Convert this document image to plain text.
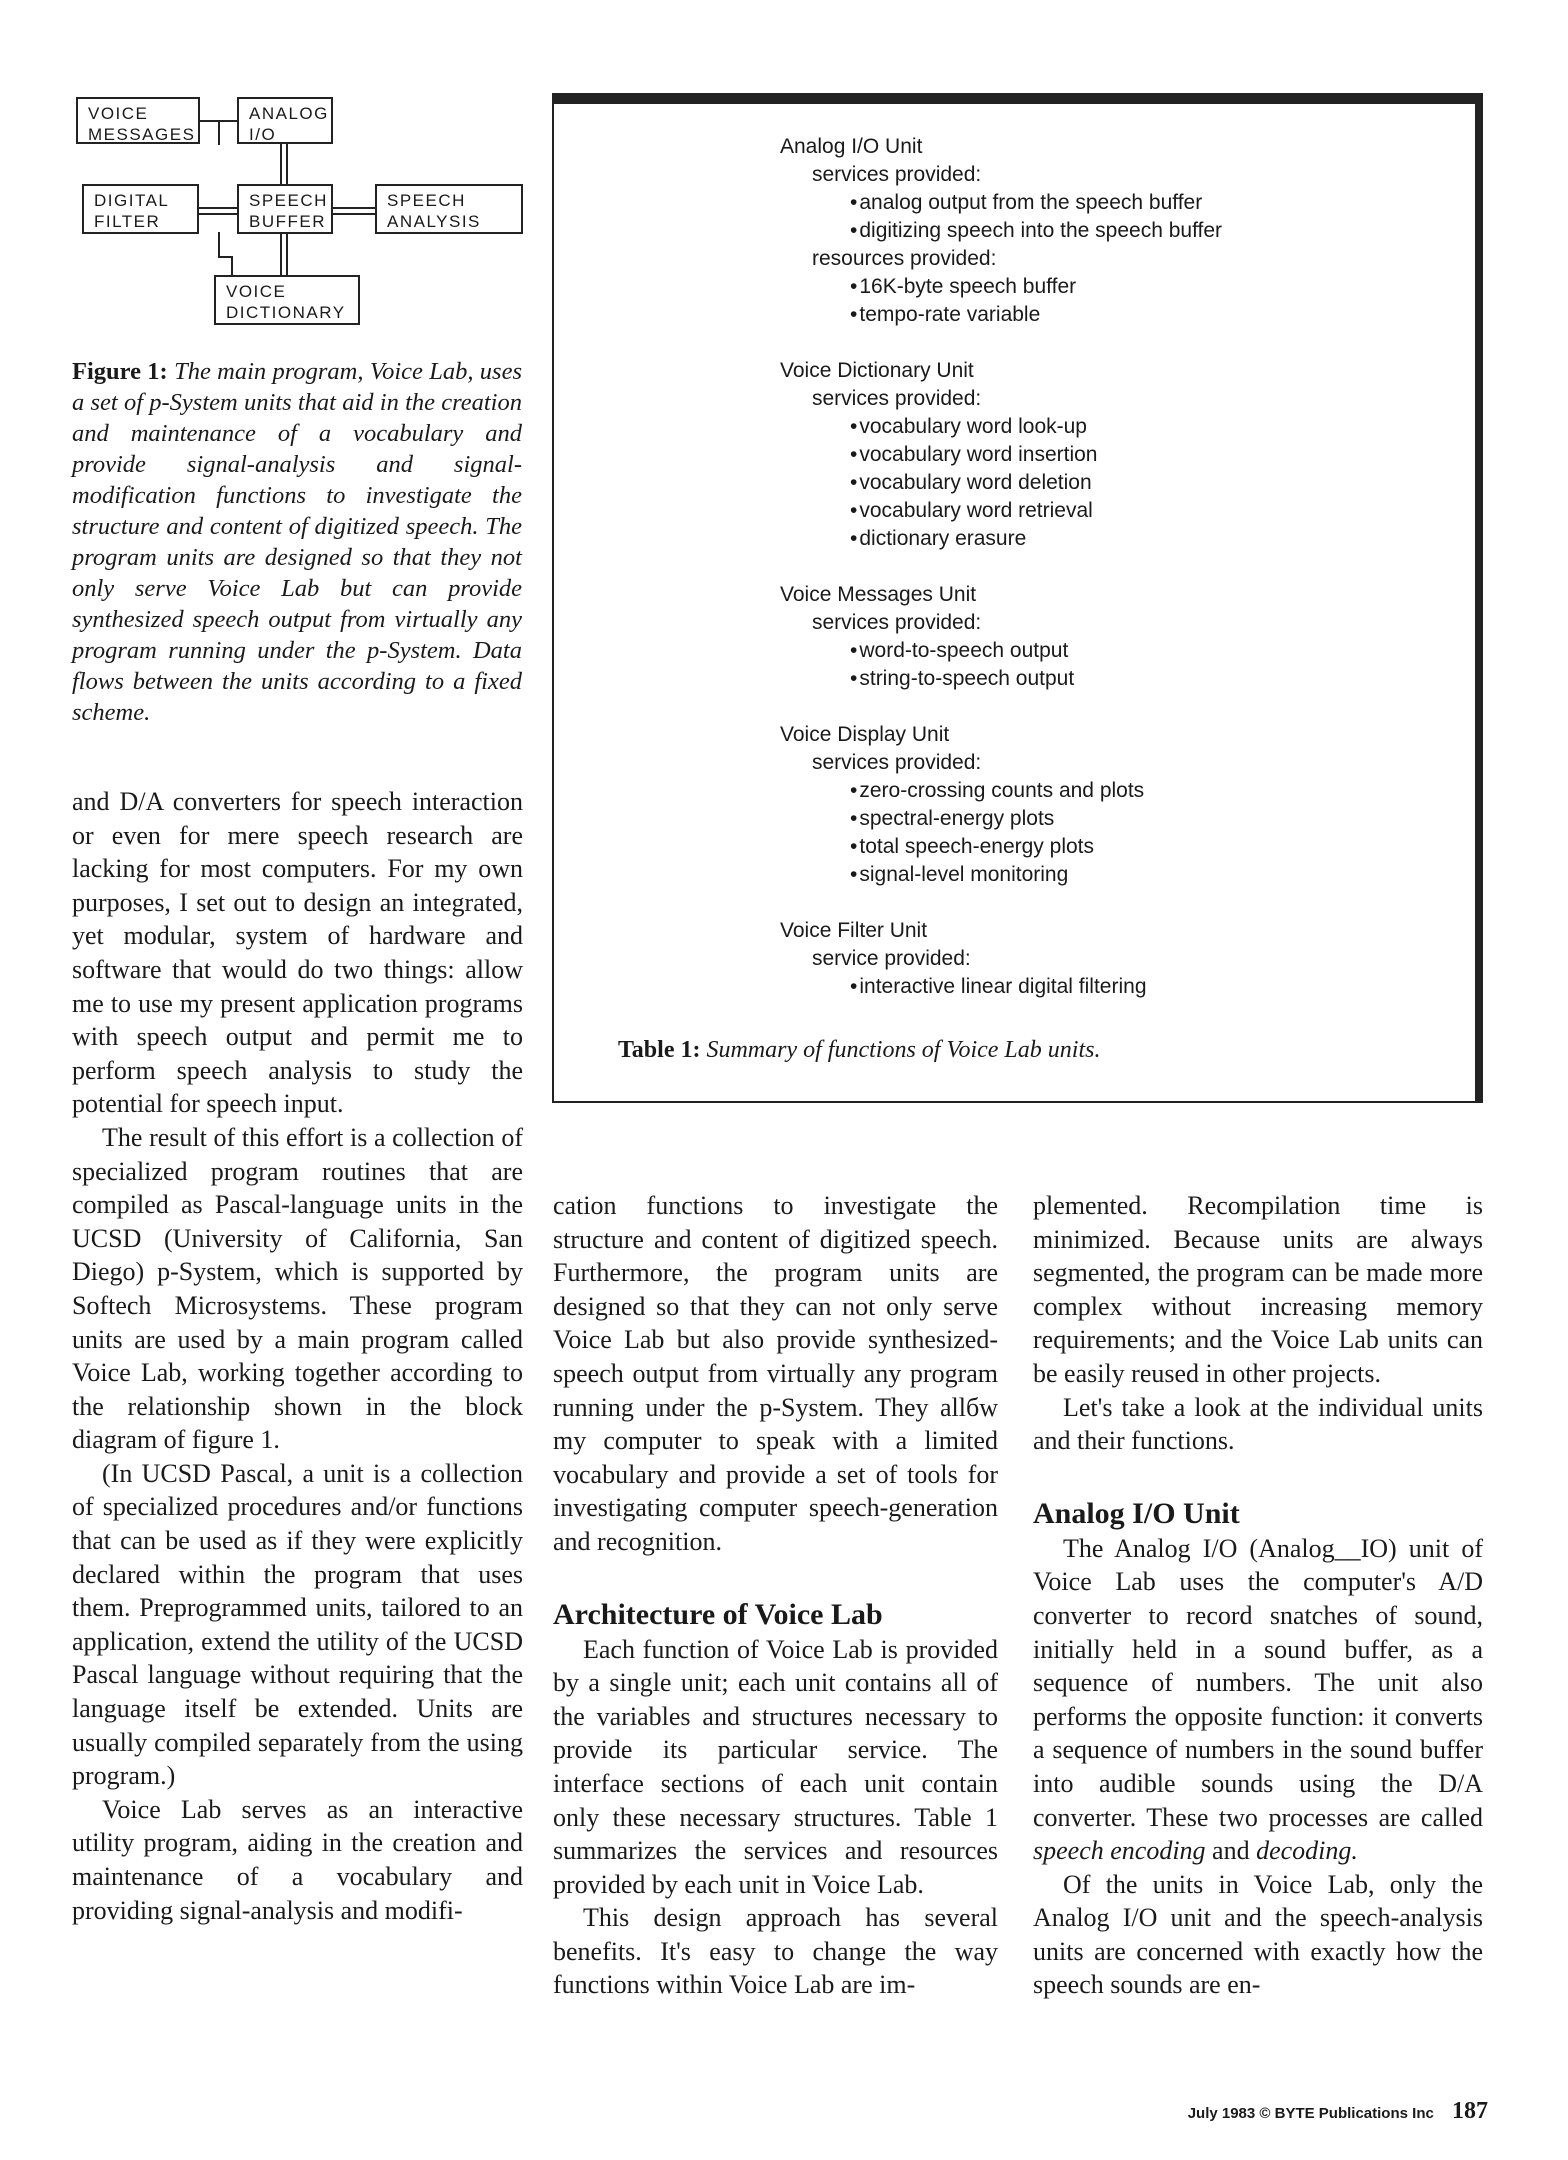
VOICE
MESSAGES
ANALOG
I/O
DIGITAL
FILTER
SPEECH
BUFFER
SPEECH
ANALYSIS
VOICE
DICTIONARY
Figure 1: The main program, Voice Lab, uses a set of p-System units that aid in the creation and maintenance of a vocabulary and provide signal-analysis and signal-modification functions to investigate the structure and content of digitized speech. The program units are designed so that they not only serve Voice Lab but can provide synthesized speech output from virtually any program running under the p-System. Data flows between the units according to a fixed scheme.
Analog I/O Unit
services provided:
• analog output from the speech buffer
• digitizing speech into the speech buffer
resources provided:
• 16K-byte speech buffer
• tempo-rate variable
Voice Dictionary Unit
services provided:
• vocabulary word look-up
• vocabulary word insertion
• vocabulary word deletion
• vocabulary word retrieval
• dictionary erasure
Voice Messages Unit
services provided:
• word-to-speech output
• string-to-speech output
Voice Display Unit
services provided:
• zero-crossing counts and plots
• spectral-energy plots
• total speech-energy plots
• signal-level monitoring
Voice Filter Unit
service provided:
• interactive linear digital filtering
Table 1: Summary of functions of Voice Lab units.

and D/A converters for speech interaction or even for mere speech research are lacking for most computers. For my own purposes, I set out to design an integrated, yet modular, system of hardware and software that would do two things: allow me to use my present application programs with speech output and permit me to perform speech analysis to study the potential for speech input.

The result of this effort is a collection of specialized program routines that are compiled as Pascal-language units in the UCSD (University of California, San Diego) p-System, which is supported by Softech Microsystems. These program units are used by a main program called Voice Lab, working together according to the relationship shown in the block diagram of figure 1.

(In UCSD Pascal, a unit is a collection of specialized procedures and/or functions that can be used as if they were explicitly declared within the program that uses them. Preprogrammed units, tailored to an application, extend the utility of the UCSD Pascal language without requiring that the language itself be extended. Units are usually compiled separately from the using program.)

Voice Lab serves as an interactive utility program, aiding in the creation and maintenance of a vocabulary and providing signal-analysis and modifi-

cation functions to investigate the structure and content of digitized speech. Furthermore, the program units are designed so that they can not only serve Voice Lab but also provide synthesized-speech output from virtually any program running under the p-System. They allбw my computer to speak with a limited vocabulary and provide a set of tools for investigating computer speech-generation and recognition.

Architecture of Voice Lab

Each function of Voice Lab is provided by a single unit; each unit contains all of the variables and structures necessary to provide its particular service. The interface sections of each unit contain only these necessary structures. Table 1 summarizes the services and resources provided by each unit in Voice Lab.

This design approach has several benefits. It's easy to change the way functions within Voice Lab are im-

plemented. Recompilation time is minimized. Because units are always segmented, the program can be made more complex without increasing memory requirements; and the Voice Lab units can be easily reused in other projects.

Let's take a look at the individual units and their functions.

Analog I/O Unit

The Analog I/O (Analog__IO) unit of Voice Lab uses the computer's A/D converter to record snatches of sound, initially held in a sound buffer, as a sequence of numbers. The unit also performs the opposite function: it converts a sequence of numbers in the sound buffer into audible sounds using the D/A converter. These two processes are called speech encoding and decoding.

Of the units in Voice Lab, only the Analog I/O unit and the speech-analysis units are concerned with exactly how the speech sounds are en-

July 1983 © BYTE Publications Inc 187
